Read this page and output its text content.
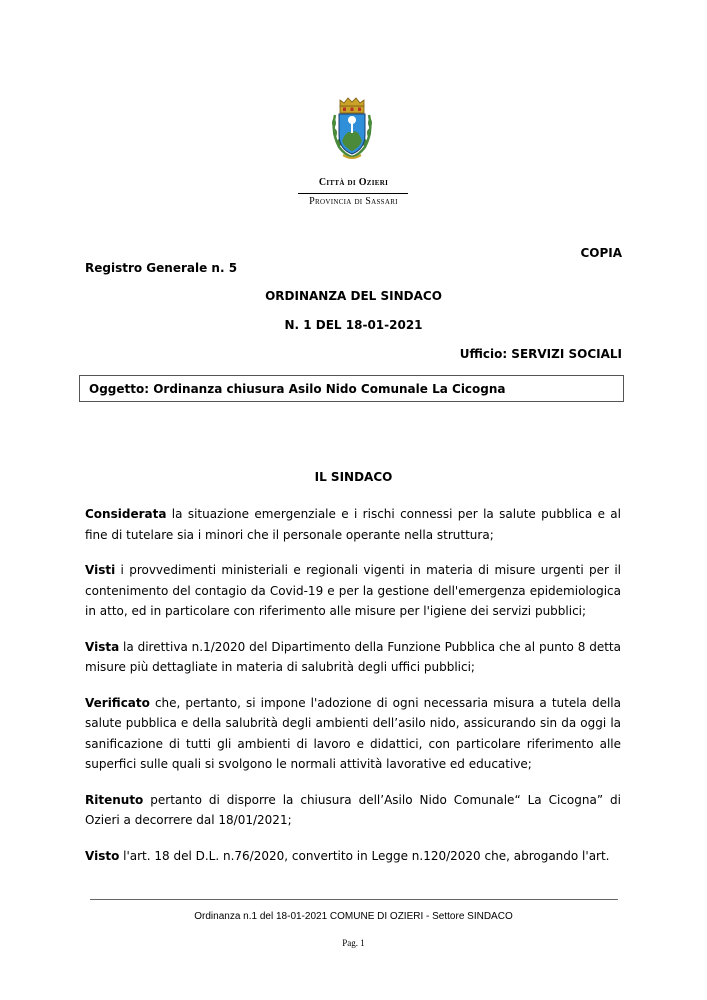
Città di Ozieri
Provincia di Sassari
COPIA
Registro Generale n. 5
ORDINANZA DEL SINDACO
N. 1 DEL 18-01-2021
Ufficio: SERVIZI SOCIALI
Oggetto: Ordinanza chiusura Asilo Nido Comunale La Cicogna
IL SINDACO

Considerata la situazione emergenziale e i rischi connessi per la salute pubblica e al fine di tutelare sia i minori che il personale operante nella struttura;

Visti i provvedimenti ministeriali e regionali vigenti in materia di misure urgenti per il contenimento del contagio da Covid-19 e per la gestione dell'emergenza epidemiologica in atto, ed in particolare con riferimento alle misure per l'igiene dei servizi pubblici;

Vista la direttiva n.1/2020 del Dipartimento della Funzione Pubblica che al punto 8 detta misure più dettagliate in materia di salubrità degli uffici pubblici;

Verificato che, pertanto, si impone l'adozione di ogni necessaria misura a tutela della salute pubblica e della salubrità degli ambienti dell’asilo nido, assicurando sin da oggi la sanificazione di tutti gli ambienti di lavoro e didattici, con particolare riferimento alle superfici sulle quali si svolgono le normali attività lavorative ed educative;

Ritenuto pertanto di disporre la chiusura dell’Asilo Nido Comunale“ La Cicogna” di Ozieri a decorrere dal 18/01/2021;

Visto l'art. 18 del D.L. n.76/2020, convertito in Legge n.120/2020 che, abrogando l'art.

Ordinanza n.1 del 18-01-2021 COMUNE DI OZIERI - Settore SINDACO
Pag. 1
